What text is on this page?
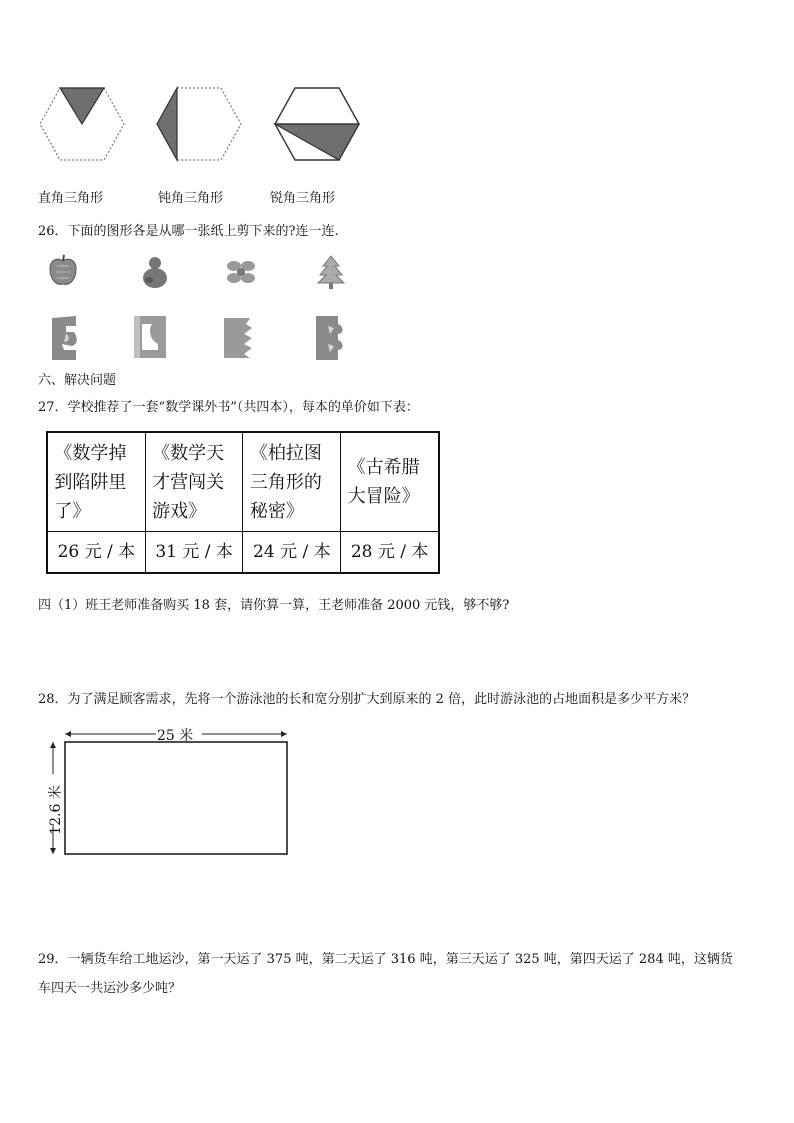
直角三角形	钝角三角形	锐角三角形
26．下面的图形各是从哪一张纸上剪下来的?连一连.
六、解决问题
27．学校推荐了一套“数学课外书”（共四本），每本的单价如下表：
《数学掉到陷阱里了》	《数学天才营闯关游戏》	《柏拉图三角形的秘密》	《古希腊大冒险》
26 元 / 本	31 元 / 本	24 元 / 本	28 元 / 本
四（1）班王老师准备购买 18 套，请你算一算，王老师准备 2000 元钱，够不够?
28．为了满足顾客需求，先将一个游泳池的长和宽分别扩大到原来的 2 倍，此时游泳池的占地面积是多少平方米？
25 米
12.6 米
29．一辆货车给工地运沙，第一天运了 375 吨，第二天运了 316 吨，第三天运了 325 吨，第四天运了 284 吨，这辆货
车四天一共运沙多少吨？
